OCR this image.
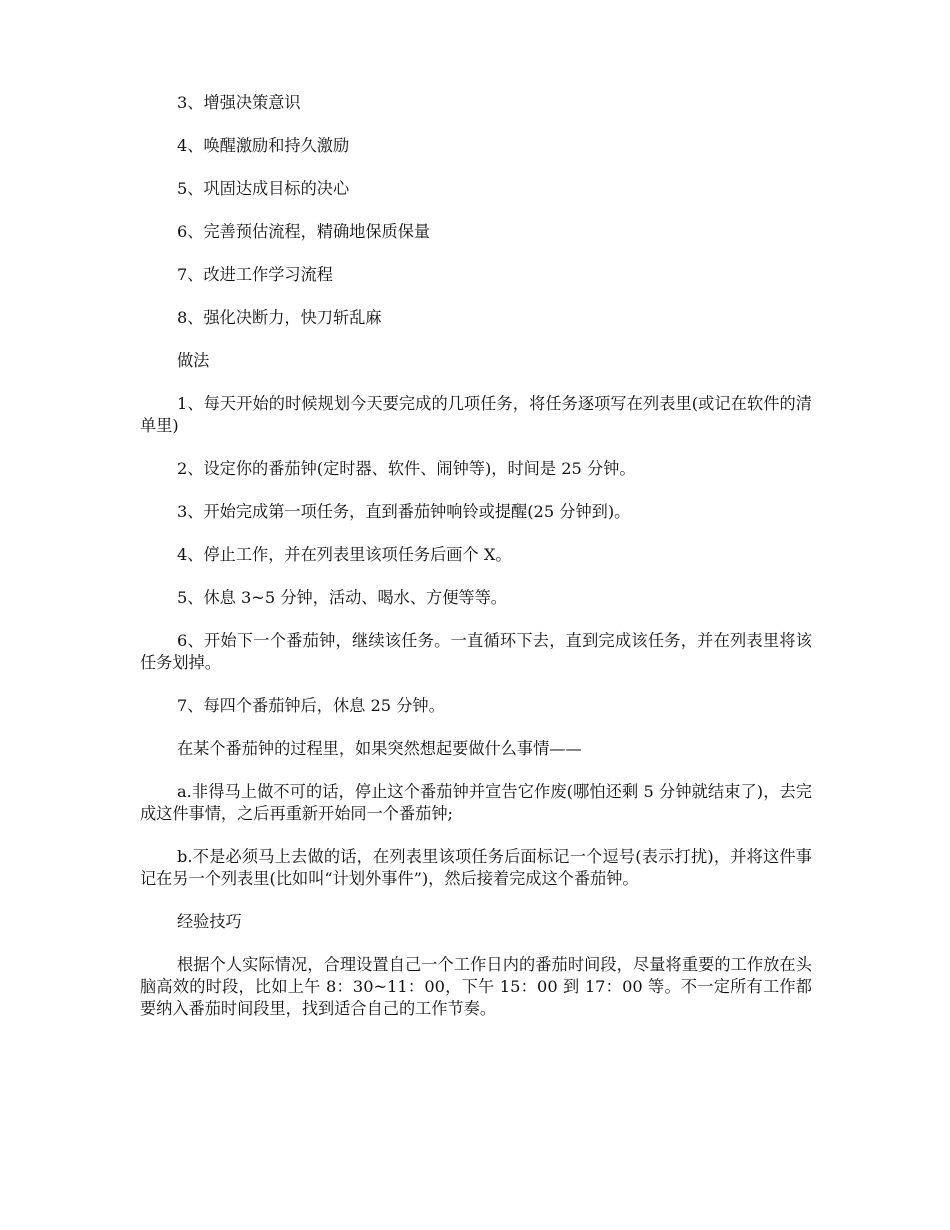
3、增强决策意识

4、唤醒激励和持久激励

5、巩固达成目标的决心

6、完善预估流程，精确地保质保量

7、改进工作学习流程

8、强化决断力，快刀斩乱麻

做法

1、每天开始的时候规划今天要完成的几项任务，将任务逐项写在列表里(或记在软件的清单里)

2、设定你的番茄钟(定时器、软件、闹钟等)，时间是 25 分钟。

3、开始完成第一项任务，直到番茄钟响铃或提醒(25 分钟到)。

4、停止工作，并在列表里该项任务后画个 X。

5、休息 3~5 分钟，活动、喝水、方便等等。

6、开始下一个番茄钟，继续该任务。一直循环下去，直到完成该任务，并在列表里将该任务划掉。

7、每四个番茄钟后，休息 25 分钟。

在某个番茄钟的过程里，如果突然想起要做什么事情——

a.非得马上做不可的话，停止这个番茄钟并宣告它作废(哪怕还剩 5 分钟就结束了)，去完成这件事情，之后再重新开始同一个番茄钟;

b.不是必须马上去做的话，在列表里该项任务后面标记一个逗号(表示打扰)，并将这件事记在另一个列表里(比如叫“计划外事件”)，然后接着完成这个番茄钟。

经验技巧

根据个人实际情况，合理设置自己一个工作日内的番茄时间段，尽量将重要的工作放在头脑高效的时段，比如上午 8：30~11：00，下午 15：00 到 17：00 等。不一定所有工作都要纳入番茄时间段里，找到适合自己的工作节奏。
